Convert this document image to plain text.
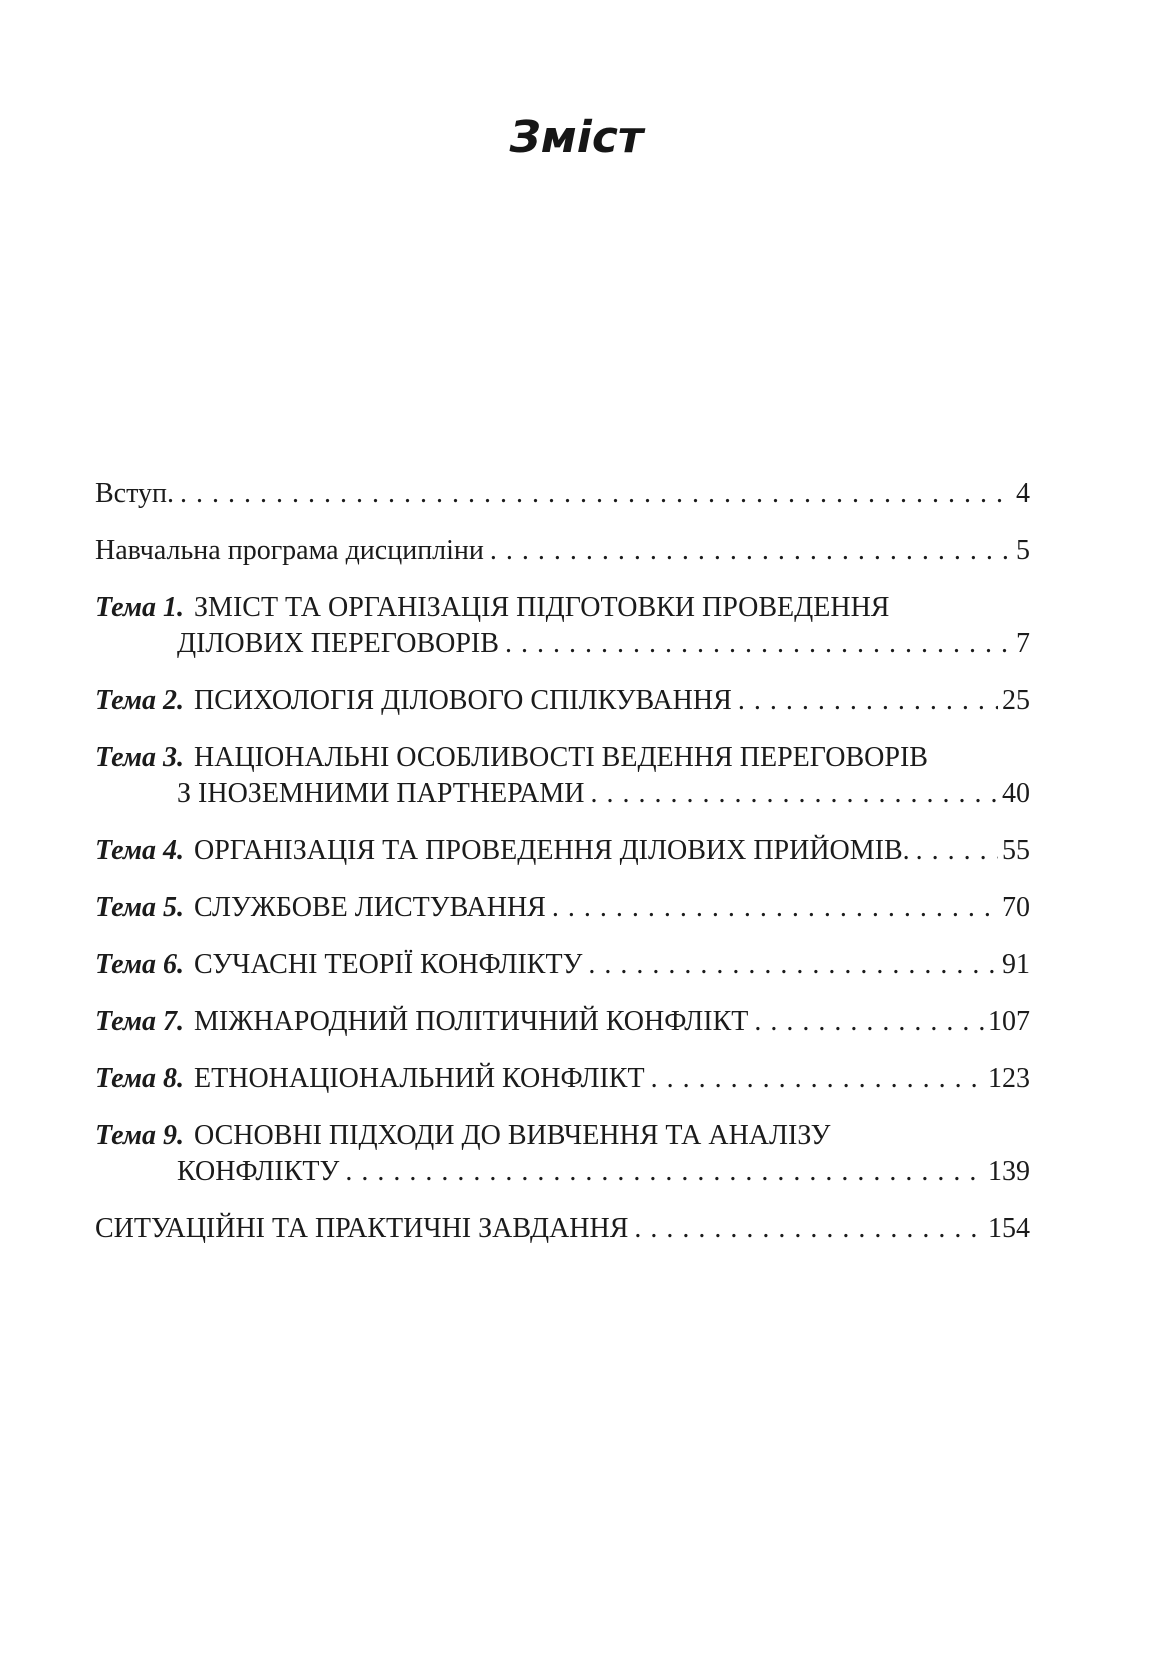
Зміст
Вступ. . . .	4
Навчальна програма дисципліни . . .	5
Тема 1. ЗМІСТ ТА ОРГАНІЗАЦІЯ ПІДГОТОВКИ ПРОВЕДЕННЯ
ДІЛОВИХ ПЕРЕГОВОРІВ . . .	7
Тема 2. ПСИХОЛОГІЯ ДІЛОВОГО СПІЛКУВАННЯ . . .	25
Тема 3. НАЦІОНАЛЬНІ ОСОБЛИВОСТІ ВЕДЕННЯ ПЕРЕГОВОРІВ
З ІНОЗЕМНИМИ ПАРТНЕРАМИ . . .	40
Тема 4. ОРГАНІЗАЦІЯ ТА ПРОВЕДЕННЯ ДІЛОВИХ ПРИЙОМІВ. . . .	55
Тема 5. СЛУЖБОВЕ ЛИСТУВАННЯ . . .	70
Тема 6. СУЧАСНІ ТЕОРІЇ КОНФЛІКТУ . . .	91
Тема 7. МІЖНАРОДНИЙ ПОЛІТИЧНИЙ КОНФЛІКТ . . .	107
Тема 8. ЕТНОНАЦІОНАЛЬНИЙ КОНФЛІКТ . . .	123
Тема 9. ОСНОВНІ ПІДХОДИ ДО ВИВЧЕННЯ ТА АНАЛІЗУ
КОНФЛІКТУ . . .	139
СИТУАЦІЙНІ ТА ПРАКТИЧНІ ЗАВДАННЯ . . .	154
